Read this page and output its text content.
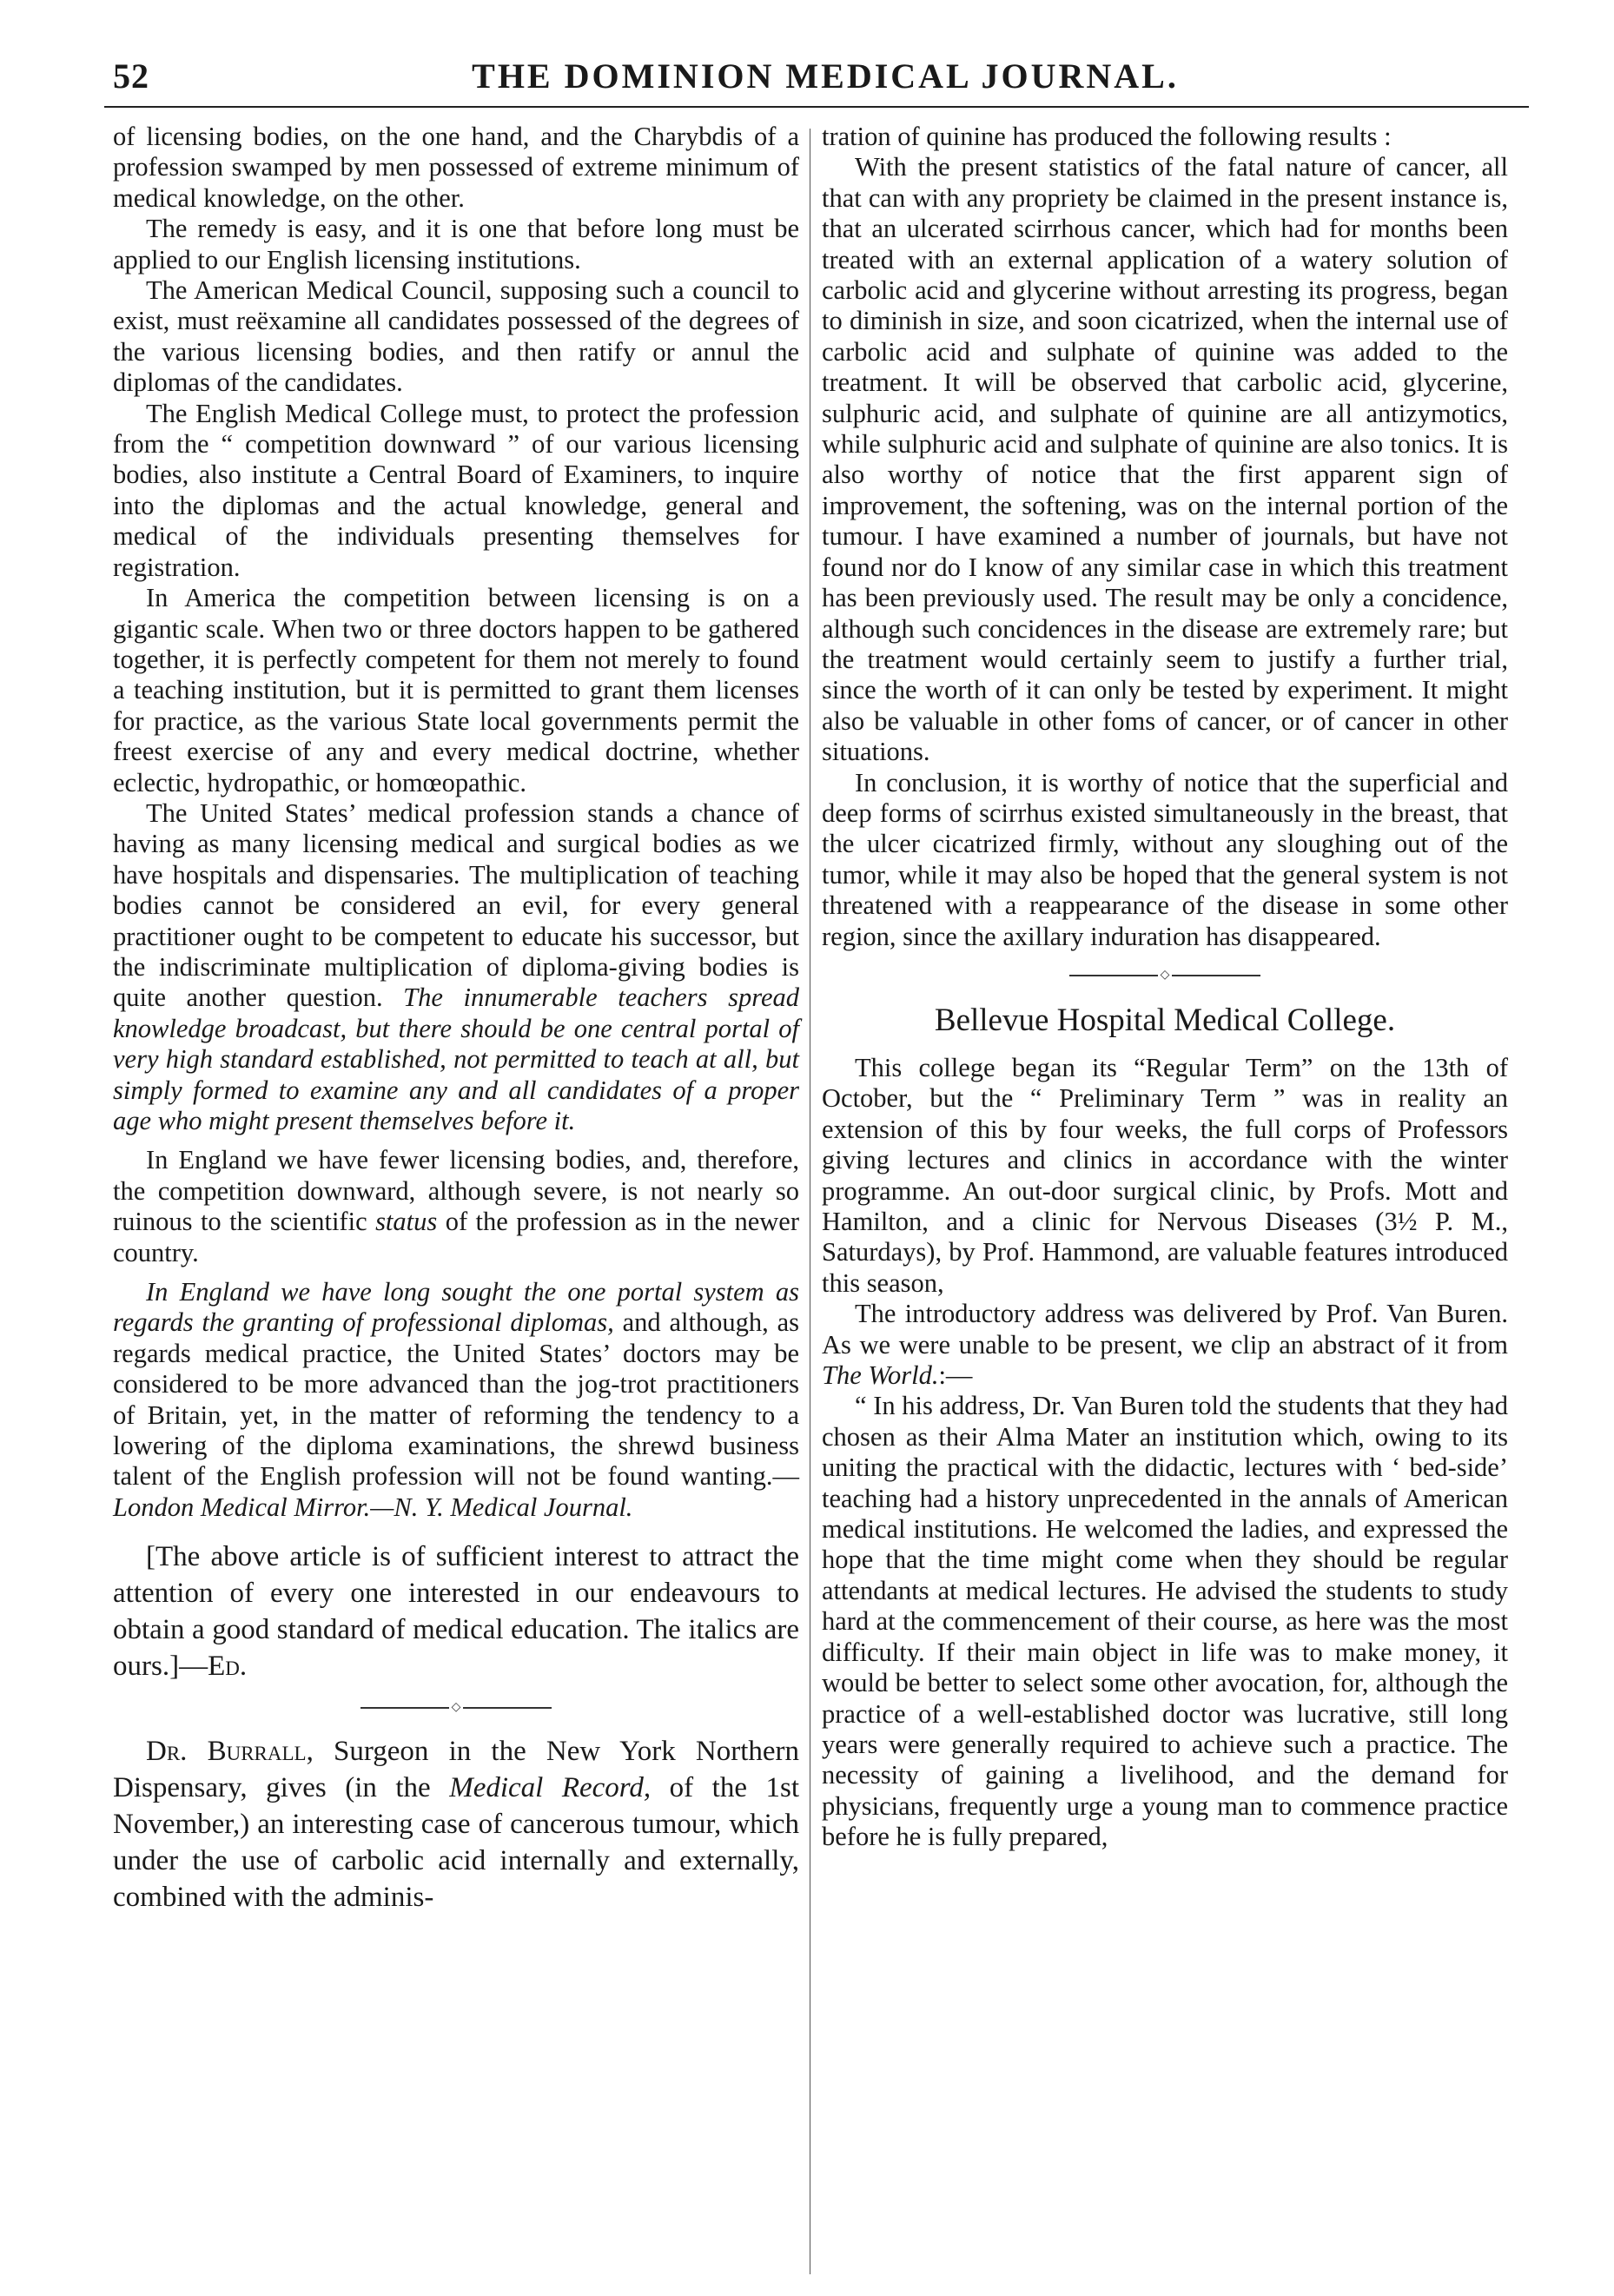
52	THE DOMINION MEDICAL JOURNAL.

of licensing bodies, on the one hand, and the Charybdis of a profession swamped by men possessed of extreme minimum of medical knowledge, on the other.

The remedy is easy, and it is one that before long must be applied to our English licensing institutions.

The American Medical Council, supposing such a council to exist, must reëxamine all candidates possessed of the degrees of the various licensing bodies, and then ratify or annul the diplomas of the candidates.

The English Medical College must, to protect the profession from the “ competition downward ” of our various licensing bodies, also institute a Central Board of Examiners, to inquire into the diplomas and the actual knowledge, general and medical of the individuals presenting themselves for registration.

In America the competition between licensing is on a gigantic scale. When two or three doctors happen to be gathered together, it is perfectly competent for them not merely to found a teaching institution, but it is permitted to grant them licenses for practice, as the various State local governments permit the freest exercise of any and every medical doctrine, whether eclectic, hydropathic, or homœopathic.

The United States’ medical profession stands a chance of having as many licensing medical and surgical bodies as we have hospitals and dispensaries. The multiplication of teaching bodies cannot be considered an evil, for every general practitioner ought to be competent to educate his successor, but the indiscriminate multiplication of diploma-giving bodies is quite another question. The innumerable teachers spread knowledge broadcast, but there should be one central portal of very high standard established, not permitted to teach at all, but simply formed to examine any and all candidates of a proper age who might present themselves before it.

In England we have fewer licensing bodies, and, therefore, the competition downward, although severe, is not nearly so ruinous to the scientific status of the profession as in the newer country.

In England we have long sought the one portal system as regards the granting of professional diplomas, and although, as regards medical practice, the United States’ doctors may be considered to be more advanced than the jog-trot practitioners of Britain, yet, in the matter of reforming the tendency to a lowering of the diploma examinations, the shrewd business talent of the English profession will not be found wanting.—London Medical Mirror.—N. Y. Medical Journal.

[The above article is of sufficient interest to attract the attention of every one interested in our endeavours to obtain a good standard of medical education. The italics are ours.]—Ed.

◇

Dr. Burrall, Surgeon in the New York Northern Dispensary, gives (in the Medical Record, of the 1st November,) an interesting case of cancerous tumour, which under the use of carbolic acid internally and externally, combined with the adminis-

tration of quinine has produced the following results :

With the present statistics of the fatal nature of cancer, all that can with any propriety be claimed in the present instance is, that an ulcerated scirrhous cancer, which had for months been treated with an external application of a watery solution of carbolic acid and glycerine without arresting its progress, began to diminish in size, and soon cicatrized, when the internal use of carbolic acid and sulphate of quinine was added to the treatment. It will be observed that carbolic acid, glycerine, sulphuric acid, and sulphate of quinine are all antizymotics, while sulphuric acid and sulphate of quinine are also tonics. It is also worthy of notice that the first apparent sign of improvement, the softening, was on the internal portion of the tumour. I have examined a number of journals, but have not found nor do I know of any similar case in which this treatment has been previously used. The result may be only a concidence, although such concidences in the disease are extremely rare; but the treatment would certainly seem to justify a further trial, since the worth of it can only be tested by experiment. It might also be valuable in other foms of cancer, or of cancer in other situations.

In conclusion, it is worthy of notice that the superficial and deep forms of scirrhus existed simultaneously in the breast, that the ulcer cicatrized firmly, without any sloughing out of the tumor, while it may also be hoped that the general system is not threatened with a reappearance of the disease in some other region, since the axillary induration has disappeared.

◇
Bellevue Hospital Medical College.

This college began its “Regular Term” on the 13th of October, but the “ Preliminary Term ” was in reality an extension of this by four weeks, the full corps of Professors giving lectures and clinics in accordance with the winter programme. An out-door surgical clinic, by Profs. Mott and Hamilton, and a clinic for Nervous Diseases (3½ P. M., Saturdays), by Prof. Hammond, are valuable features introduced this season,

The introductory address was delivered by Prof. Van Buren. As we were unable to be present, we clip an abstract of it from The World.:—

“ In his address, Dr. Van Buren told the students that they had chosen as their Alma Mater an institution which, owing to its uniting the practical with the didactic, lectures with ‘ bed-side’ teaching had a history unprecedented in the annals of American medical institutions. He welcomed the ladies, and expressed the hope that the time might come when they should be regular attendants at medical lectures. He advised the students to study hard at the commencement of their course, as here was the most difficulty. If their main object in life was to make money, it would be better to select some other avocation, for, although the practice of a well-established doctor was lucrative, still long years were generally required to achieve such a practice. The necessity of gaining a livelihood, and the demand for physicians, frequently urge a young man to commence practice before he is fully prepared,
